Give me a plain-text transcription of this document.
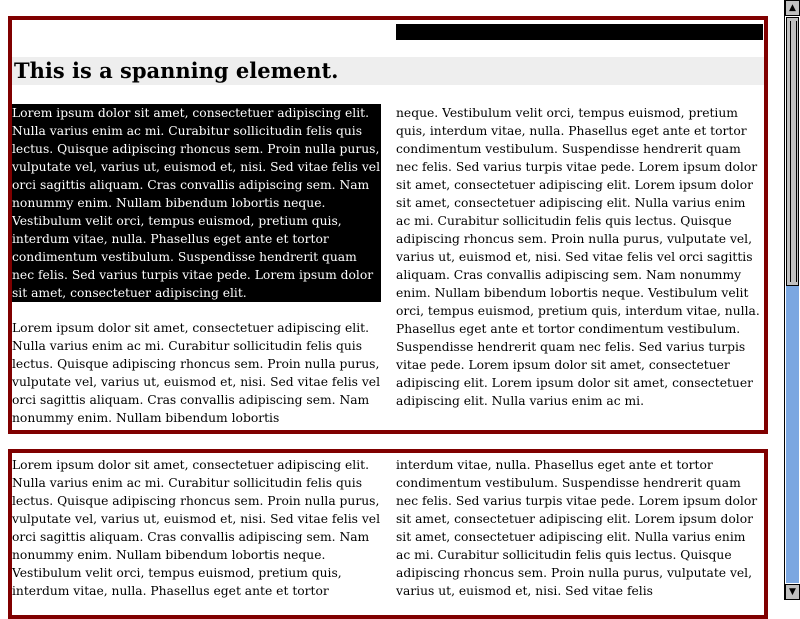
This is a spanning element.

Lorem ipsum dolor sit amet, consectetuer adipiscing elit. Nulla varius enim ac mi. Curabitur sollicitudin felis quis lectus. Quisque adipiscing rhoncus sem. Proin nulla purus, vulputate vel, varius ut, euismod et, nisi. Sed vitae felis vel orci sagittis aliquam. Cras convallis adipiscing sem. Nam nonummy enim. Nullam bibendum lobortis neque. Vestibulum velit orci, tempus euismod, pretium quis, interdum vitae, nulla. Phasellus eget ante et tortor condimentum vestibulum. Suspendisse hendrerit quam nec felis. Sed varius turpis vitae pede. Lorem ipsum dolor sit amet, consectetuer adipiscing elit.

Lorem ipsum dolor sit amet, consectetuer adipiscing elit. Nulla varius enim ac mi. Curabitur sollicitudin felis quis lectus. Quisque adipiscing rhoncus sem. Proin nulla purus, vulputate vel, varius ut, euismod et, nisi. Sed vitae felis vel orci sagittis aliquam. Cras convallis adipiscing sem. Nam nonummy enim. Nullam bibendum lobortis

neque. Vestibulum velit orci, tempus euismod, pretium quis, interdum vitae, nulla. Phasellus eget ante et tortor condimentum vestibulum. Suspendisse hendrerit quam nec felis. Sed varius turpis vitae pede. Lorem ipsum dolor sit amet, consectetuer adipiscing elit. Lorem ipsum dolor sit amet, consectetuer adipiscing elit. Nulla varius enim ac mi. Curabitur sollicitudin felis quis lectus. Quisque adipiscing rhoncus sem. Proin nulla purus, vulputate vel, varius ut, euismod et, nisi. Sed vitae felis vel orci sagittis aliquam. Cras convallis adipiscing sem. Nam nonummy enim. Nullam bibendum lobortis neque. Vestibulum velit orci, tempus euismod, pretium quis, interdum vitae, nulla. Phasellus eget ante et tortor condimentum vestibulum. Suspendisse hendrerit quam nec felis. Sed varius turpis vitae pede. Lorem ipsum dolor sit amet, consectetuer adipiscing elit. Lorem ipsum dolor sit amet, consectetuer adipiscing elit. Nulla varius enim ac mi.

Lorem ipsum dolor sit amet, consectetuer adipiscing elit. Nulla varius enim ac mi. Curabitur sollicitudin felis quis lectus. Quisque adipiscing rhoncus sem. Proin nulla purus, vulputate vel, varius ut, euismod et, nisi. Sed vitae felis vel orci sagittis aliquam. Cras convallis adipiscing sem. Nam nonummy enim. Nullam bibendum lobortis neque. Vestibulum velit orci, tempus euismod, pretium quis, interdum vitae, nulla. Phasellus eget ante et tortor

interdum vitae, nulla. Phasellus eget ante et tortor condimentum vestibulum. Suspendisse hendrerit quam nec felis. Sed varius turpis vitae pede. Lorem ipsum dolor sit amet, consectetuer adipiscing elit. Lorem ipsum dolor sit amet, consectetuer adipiscing elit. Nulla varius enim ac mi. Curabitur sollicitudin felis quis lectus. Quisque adipiscing rhoncus sem. Proin nulla purus, vulputate vel, varius ut, euismod et, nisi. Sed vitae felis

▲
▼
